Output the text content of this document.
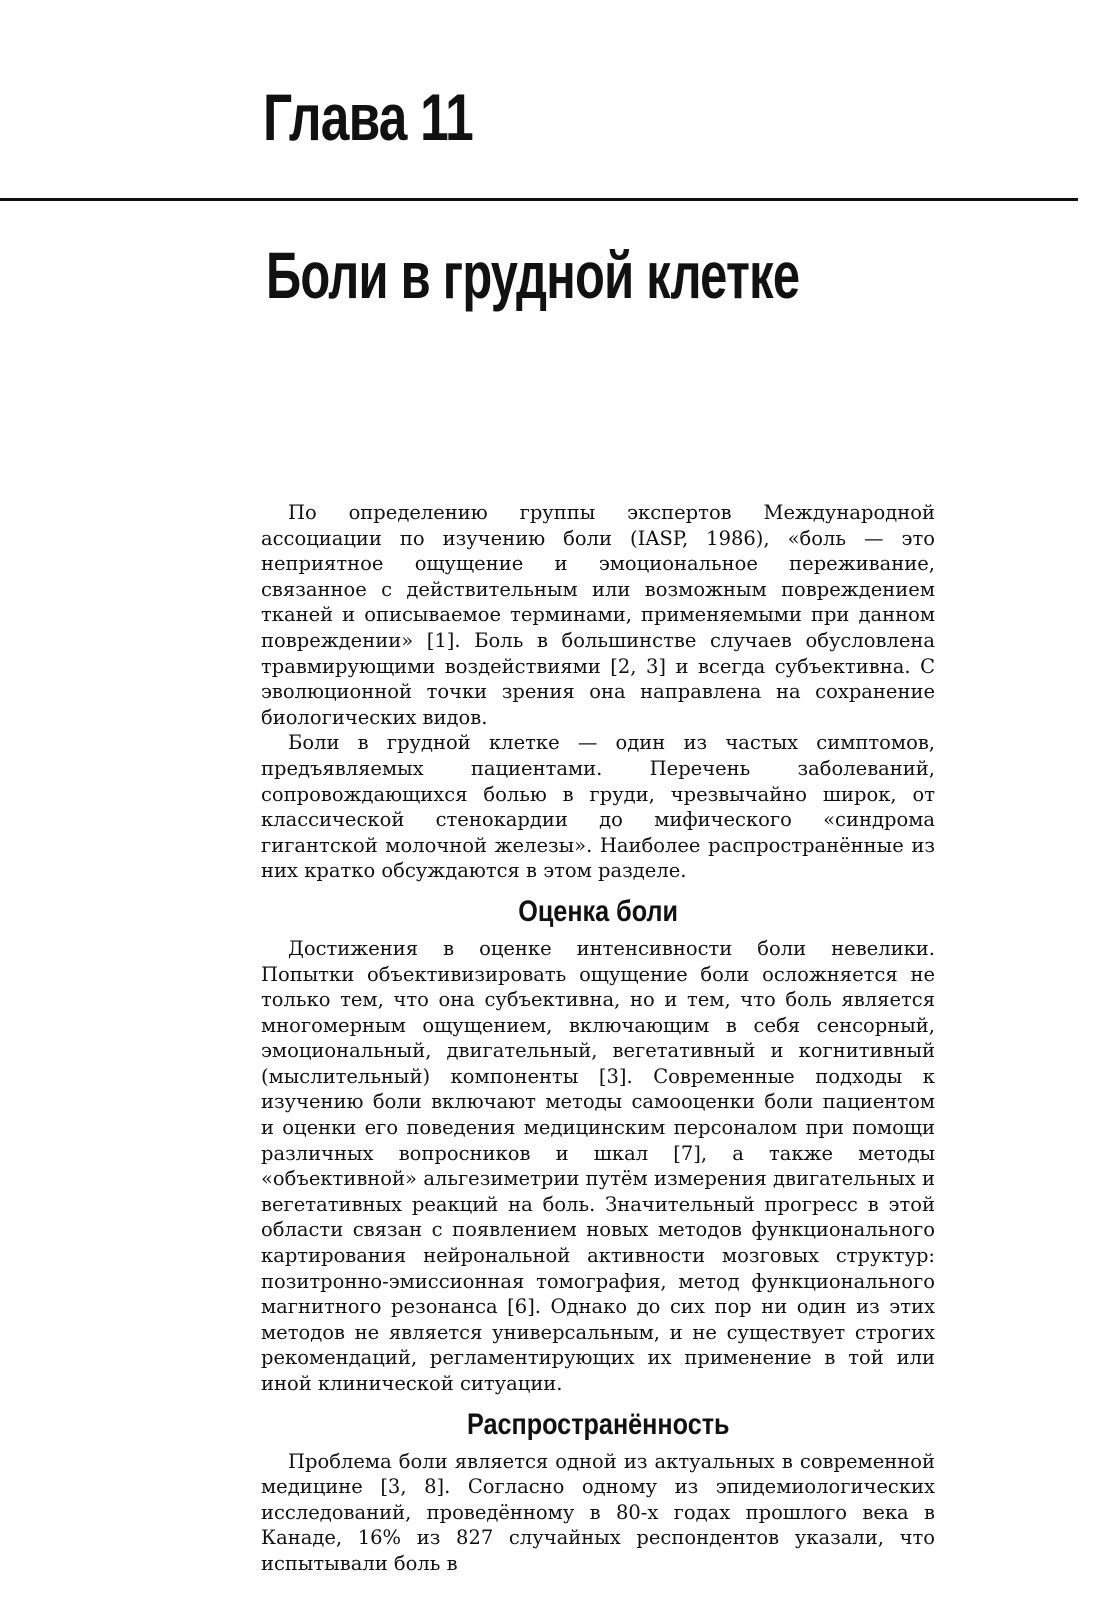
Глава 11
Боли в грудной клетке

По определению группы экспертов Международной ассоциации по изучению боли (IASP, 1986), «боль — это неприятное ощущение и эмоциональное переживание, связанное с действительным или возможным повреждением тканей и описываемое терминами, применяемыми при данном повреждении» [1]. Боль в большинстве случаев обусловлена травмирующими воздействиями [2, 3] и всегда субъективна. С эволюционной точки зрения она направлена на сохранение биологических видов.

Боли в грудной клетке — один из частых симптомов, предъявляемых пациентами. Перечень заболеваний, сопровождающихся болью в груди, чрезвычайно широк, от классической стенокардии до мифического «синдрома гигантской молочной железы». Наиболее распространённые из них кратко обсуждаются в этом разделе.

Оценка боли

Достижения в оценке интенсивности боли невелики. Попытки объективизировать ощущение боли осложняется не только тем, что она субъективна, но и тем, что боль является многомерным ощущением, включающим в себя сенсорный, эмоциональный, двигательный, вегетативный и когнитивный (мыслительный) компоненты [3]. Современные подходы к изучению боли включают методы самооценки боли пациентом и оценки его поведения медицинским персоналом при помощи различных вопросников и шкал [7], а также методы «объективной» альгезиметрии путём измерения двигательных и вегетативных реакций на боль. Значительный прогресс в этой области связан с появлением новых методов функционального картирования нейрональной активности мозговых структур: позитронно-эмиссионная томография, метод функционального магнитного резонанса [6]. Однако до сих пор ни один из этих методов не является универсальным, и не существует строгих рекомендаций, регламентирующих их применение в той или иной клинической ситуации.

Распространённость

Проблема боли является одной из актуальных в современной медицине [3, 8]. Согласно одному из эпидемиологических исследований, проведённому в 80-х годах прошлого века в Канаде, 16% из 827 случайных респондентов указали, что испытывали боль в
